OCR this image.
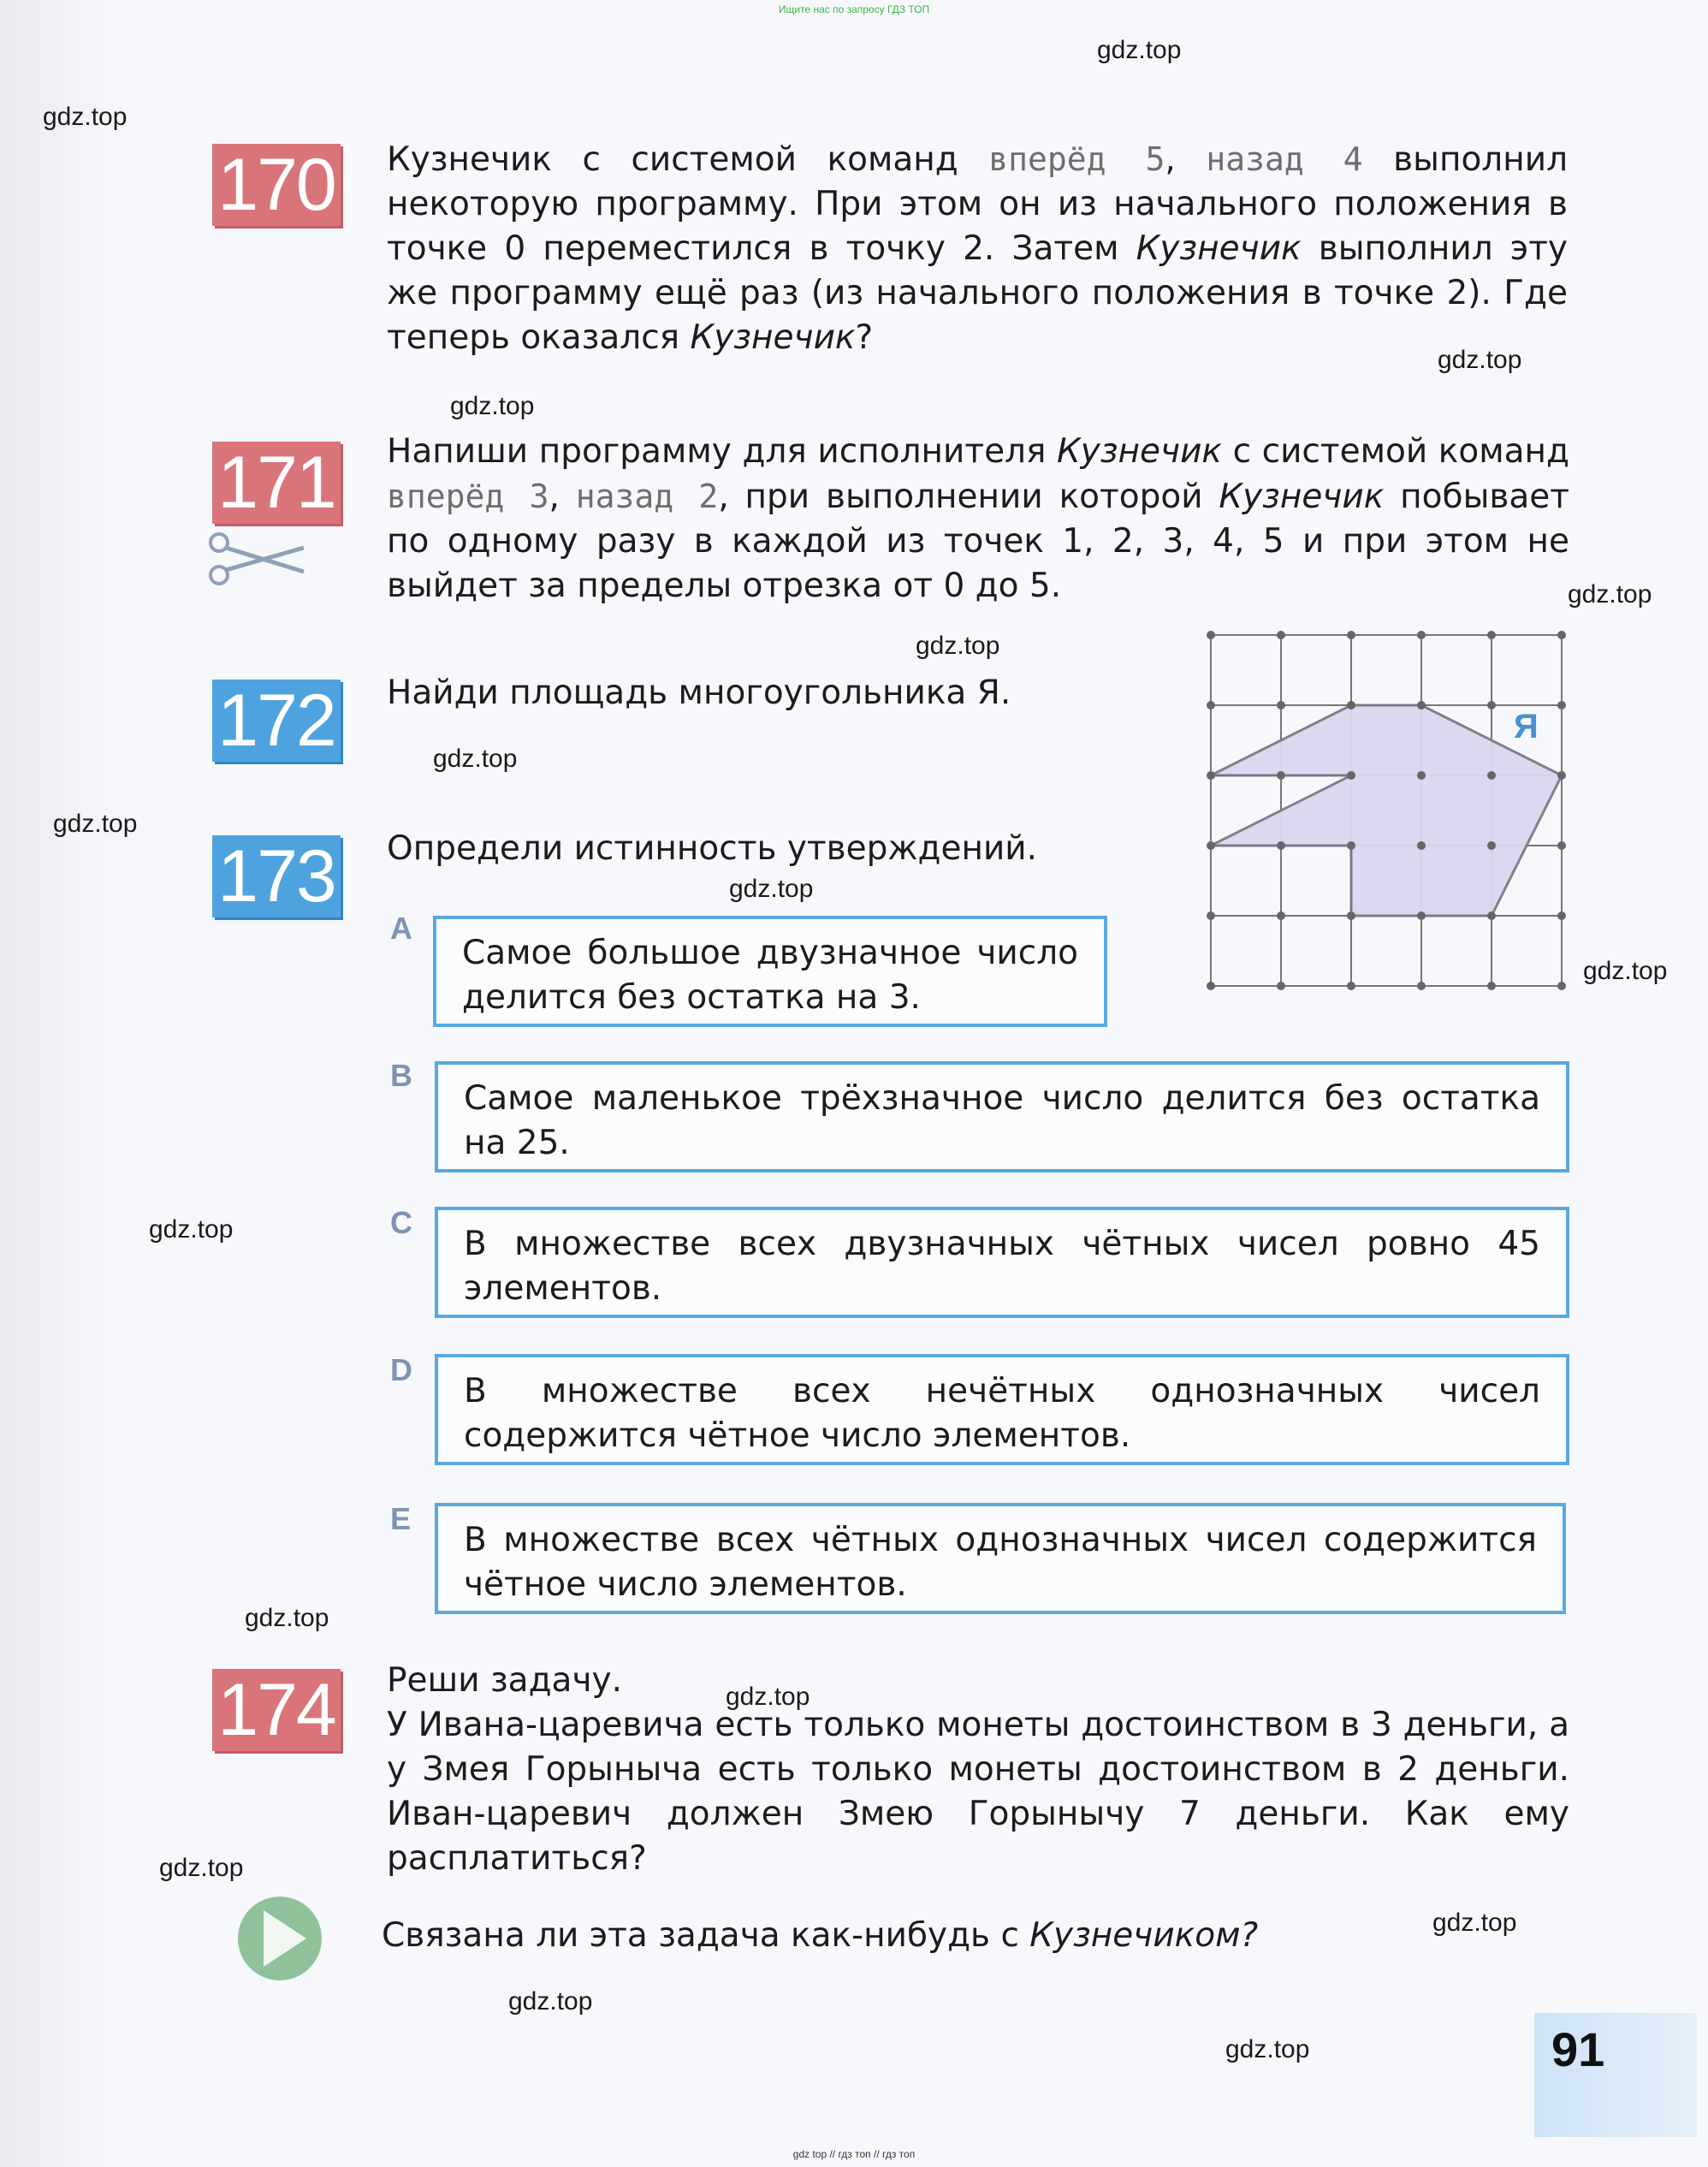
Ищите нас по запросу ГДЗ ТОП
gdz.top
gdz.top
gdz.top
gdz.top
gdz.top
gdz.top
gdz.top
gdz.top
gdz.top
gdz.top
gdz.top
gdz.top
gdz.top
gdz.top
gdz.top
gdz.top
gdz.top
170 Кузнечик с системой команд вперёд 5, назад 4 выполнил некоторую программу. При этом он из начального положения в точке 0 переместился в точку 2. Затем Кузнечик выполнил эту же программу ещё раз (из начального положения в точке 2). Где теперь оказался Кузнечик?
171 Напиши программу для исполнителя Кузнечик с системой команд вперёд 3, назад 2, при выполнении которой Кузнечик побывает по одному разу в каждой из точек 1, 2, 3, 4, 5 и при этом не выйдет за пределы отрезка от 0 до 5.
172 Найди площадь многоугольника Я.
Я
173 Определи истинность утверждений.
A
Самое большое двузначное число делится без остатка на 3.
B
Самое маленькое трёхзначное число делится без остатка на 25.
C
В множестве всех двузначных чётных чисел ровно 45 элементов.
D
В множестве всех нечётных однозначных чисел содержится чётное число элементов.
E
В множестве всех чётных однозначных чисел содержится чётное число элементов.
174 Реши задачу.
У Ивана-царевича есть только монеты достоинством в 3 деньги, а у Змея Горыныча есть только монеты достоинством в 2 деньги. Иван-царевич должен Змею Горынычу 7 деньги. Как ему расплатиться?
Связана ли эта задача как-нибудь с Кузнечиком?
91
gdz top // гдз топ // гдз топ
